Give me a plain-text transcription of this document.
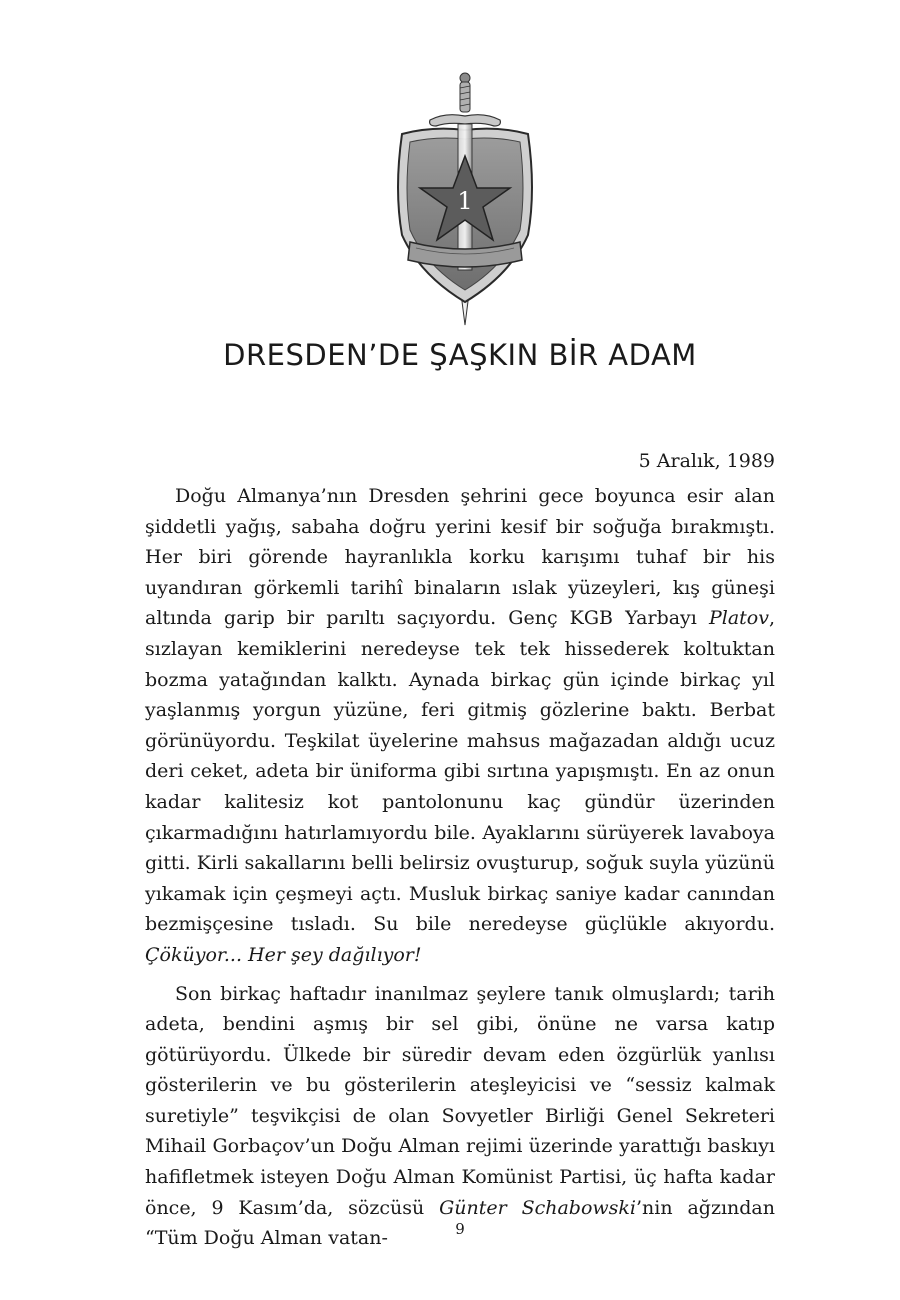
1
DRESDEN’DE ŞAŞKIN BİR ADAM
5 Aralık, 1989

Doğu Almanya’nın Dresden şehrini gece boyunca esir alan şiddetli yağış, sabaha doğru yerini kesif bir soğuğa bırakmıştı. Her biri görende hayranlıkla korku karışımı tuhaf bir his uyandıran görkemli tarihî binaların ıslak yüzeyleri, kış güneşi altında garip bir parıltı saçıyordu. Genç KGB Yarbayı Platov, sızlayan kemiklerini neredeyse tek tek hissederek koltuktan bozma yatağından kalktı. Aynada birkaç gün içinde birkaç yıl yaşlanmış yorgun yüzüne, feri gitmiş gözlerine baktı. Berbat görünüyordu. Teşkilat üyelerine mahsus mağazadan aldığı ucuz deri ceket, adeta bir üniforma gibi sırtına yapışmıştı. En az onun kadar kalitesiz kot pantolonunu kaç gündür üzerinden çıkarmadığını hatırlamıyordu bile. Ayaklarını sürüyerek lavaboya gitti. Kirli sakallarını belli belirsiz ovuşturup, soğuk suyla yüzünü yıkamak için çeşmeyi açtı. Musluk birkaç saniye kadar canından bezmişçesine tısladı. Su bile neredeyse güçlükle akıyordu. Çöküyor... Her şey dağılıyor!

Son birkaç haftadır inanılmaz şeylere tanık olmuşlardı; tarih adeta, bendini aşmış bir sel gibi, önüne ne varsa katıp götürüyordu. Ülkede bir süredir devam eden özgürlük yanlısı gösterilerin ve bu gösterilerin ateşleyicisi ve “sessiz kalmak suretiyle” teşvikçisi de olan Sovyetler Birliği Genel Sekreteri Mihail Gorbaçov’un Doğu Alman rejimi üzerinde yarattığı baskıyı hafifletmek isteyen Doğu Alman Komünist Partisi, üç hafta kadar önce, 9 Kasım’da, sözcüsü Günter Schabowski’nin ağzından “Tüm Doğu Alman vatan-	9
